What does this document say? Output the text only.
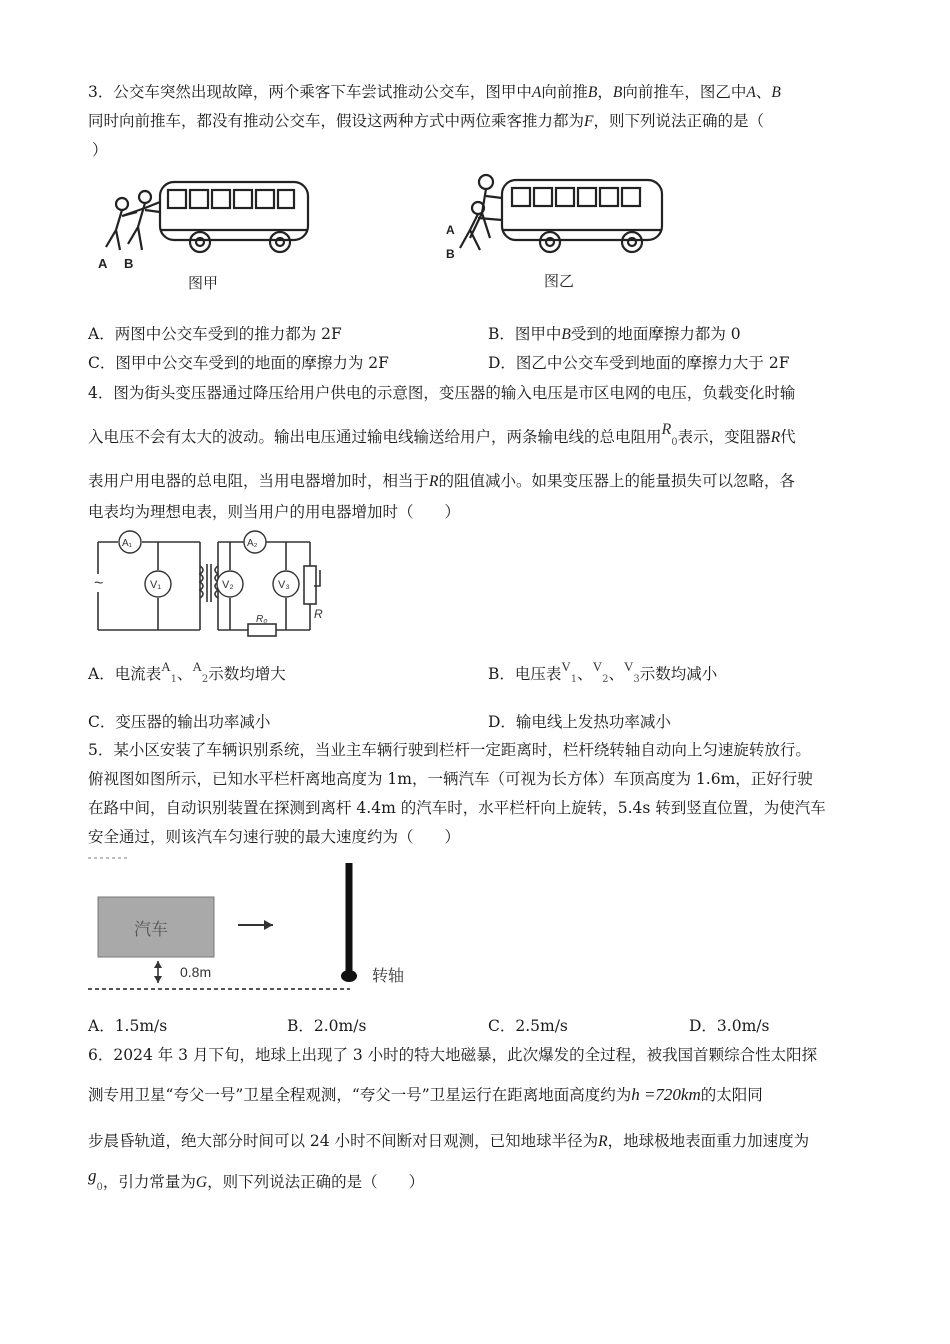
3．公交车突然出现故障，两个乘客下车尝试推动公交车，图甲中A向前推B，B向前推车，图乙中A、B
同时向前推车，都没有推动公交车，假设这两种方式中两位乘客推力都为F，则下列说法正确的是（
）
A B
图甲
A
B
图乙
A．两图中公交车受到的推力都为 2F	B．图甲中B受到的地面摩擦力都为 0
C．图甲中公交车受到的地面的摩擦力为 2F	D．图乙中公交车受到地面的摩擦力大于 2F
4．图为街头变压器通过降压给用户供电的示意图，变压器的输入电压是市区电网的电压，负载变化时输
入电压不会有太大的波动。输出电压通过输电线输送给用户，两条输电线的总电阻用$R_0$表示，变阻器R代
表用户用电器的总电阻，当用电器增加时，相当于R的阻值减小。如果变压器上的能量损失可以忽略，各
电表均为理想电表，则当用户的用电器增加时（　　）
~
A₁
V₁
A₂
V₂	V₃
R₀	R
A．电流表$^A_1$、$^A_2$示数均增大	B．电压表$^V_1$、$^V_2$、$^V_3$示数均减小
C．变压器的输出功率减小	D．输电线上发热功率减小
5．某小区安装了车辆识别系统，当业主车辆行驶到栏杆一定距离时，栏杆绕转轴自动向上匀速旋转放行。
俯视图如图所示，已知水平栏杆离地高度为 1m，一辆汽车（可视为长方体）车顶高度为 1.6m，正好行驶
在路中间，自动识别装置在探测到离杆 4.4m 的汽车时，水平栏杆向上旋转，5.4s 转到竖直位置，为使汽车
安全通过，则该汽车匀速行驶的最大速度约为（　　）
汽车
0.8m	转轴
A．1.5m/s	B．2.0m/s	C．2.5m/s	D．3.0m/s
6．2024 年 3 月下旬，地球上出现了 3 小时的特大地磁暴，此次爆发的全过程，被我国首颗综合性太阳探
测专用卫星“夸父一号”卫星全程观测，“夸父一号”卫星运行在距离地面高度约为h =720km的太阳同
步晨昏轨道，绝大部分时间可以 24 小时不间断对日观测，已知地球半径为R，地球极地表面重力加速度为
$g_0$，引力常量为G，则下列说法正确的是（　　）
